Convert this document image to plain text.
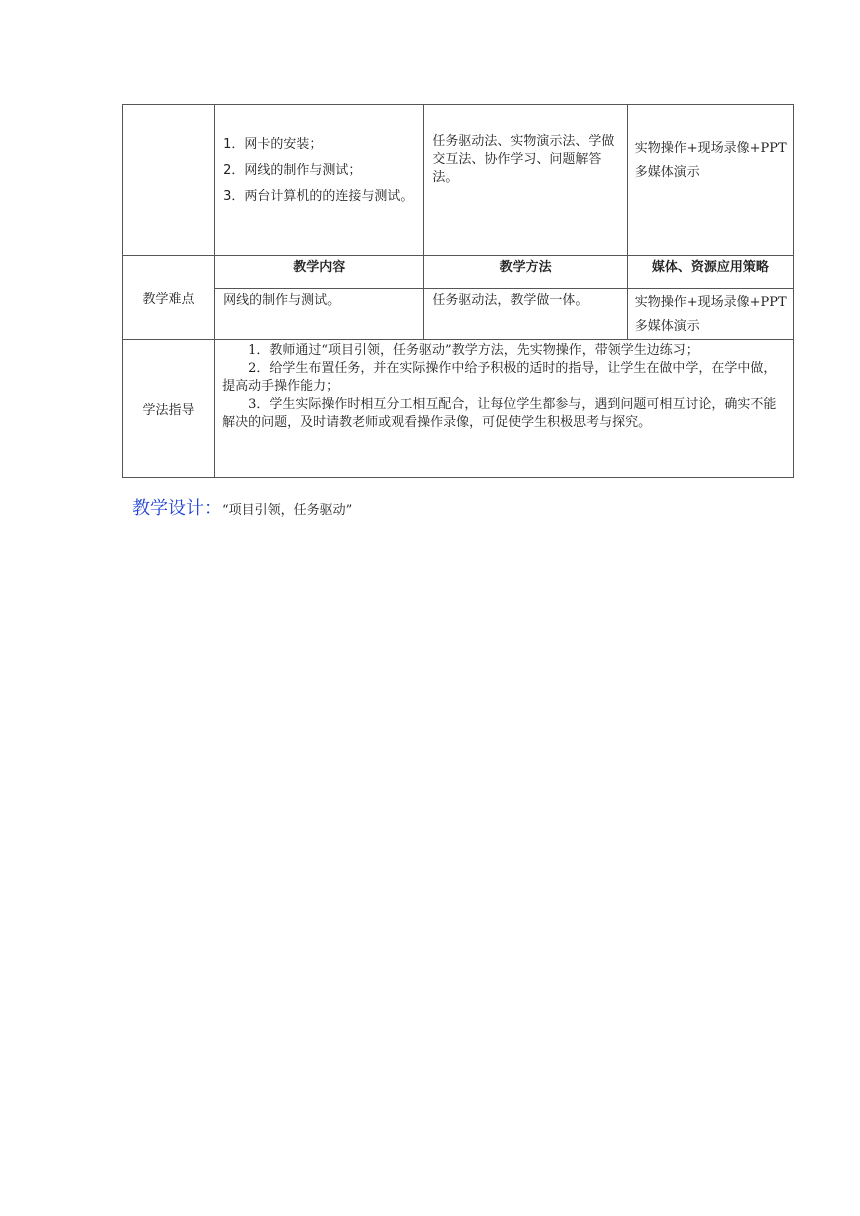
	1．网卡的安装；
2．网线的制作与测试；
3．两台计算机的的连接与测试。	任务驱动法、实物演示法、学做交互法、协作学习、问题解答法。	实物操作+现场录像+PPT 多媒体演示

教学难点	教学内容	教学方法	媒体、资源应用策略

	网线的制作与测试。	任务驱动法，教学做一体。	实物操作+现场录像+PPT 多媒体演示

学法指导	1．教师通过“项目引领，任务驱动”教学方法，先实物操作，带领学生边练习；

2．给学生布置任务，并在实际操作中给予积极的适时的指导，让学生在做中学，在学中做，提高动手操作能力；

3．学生实际操作时相互分工相互配合，让每位学生都参与，遇到问题可相互讨论，确实不能解决的问题，及时请教老师或观看操作录像，可促使学生积极思考与探究。		

教学设计：“项目引领，任务驱动”
